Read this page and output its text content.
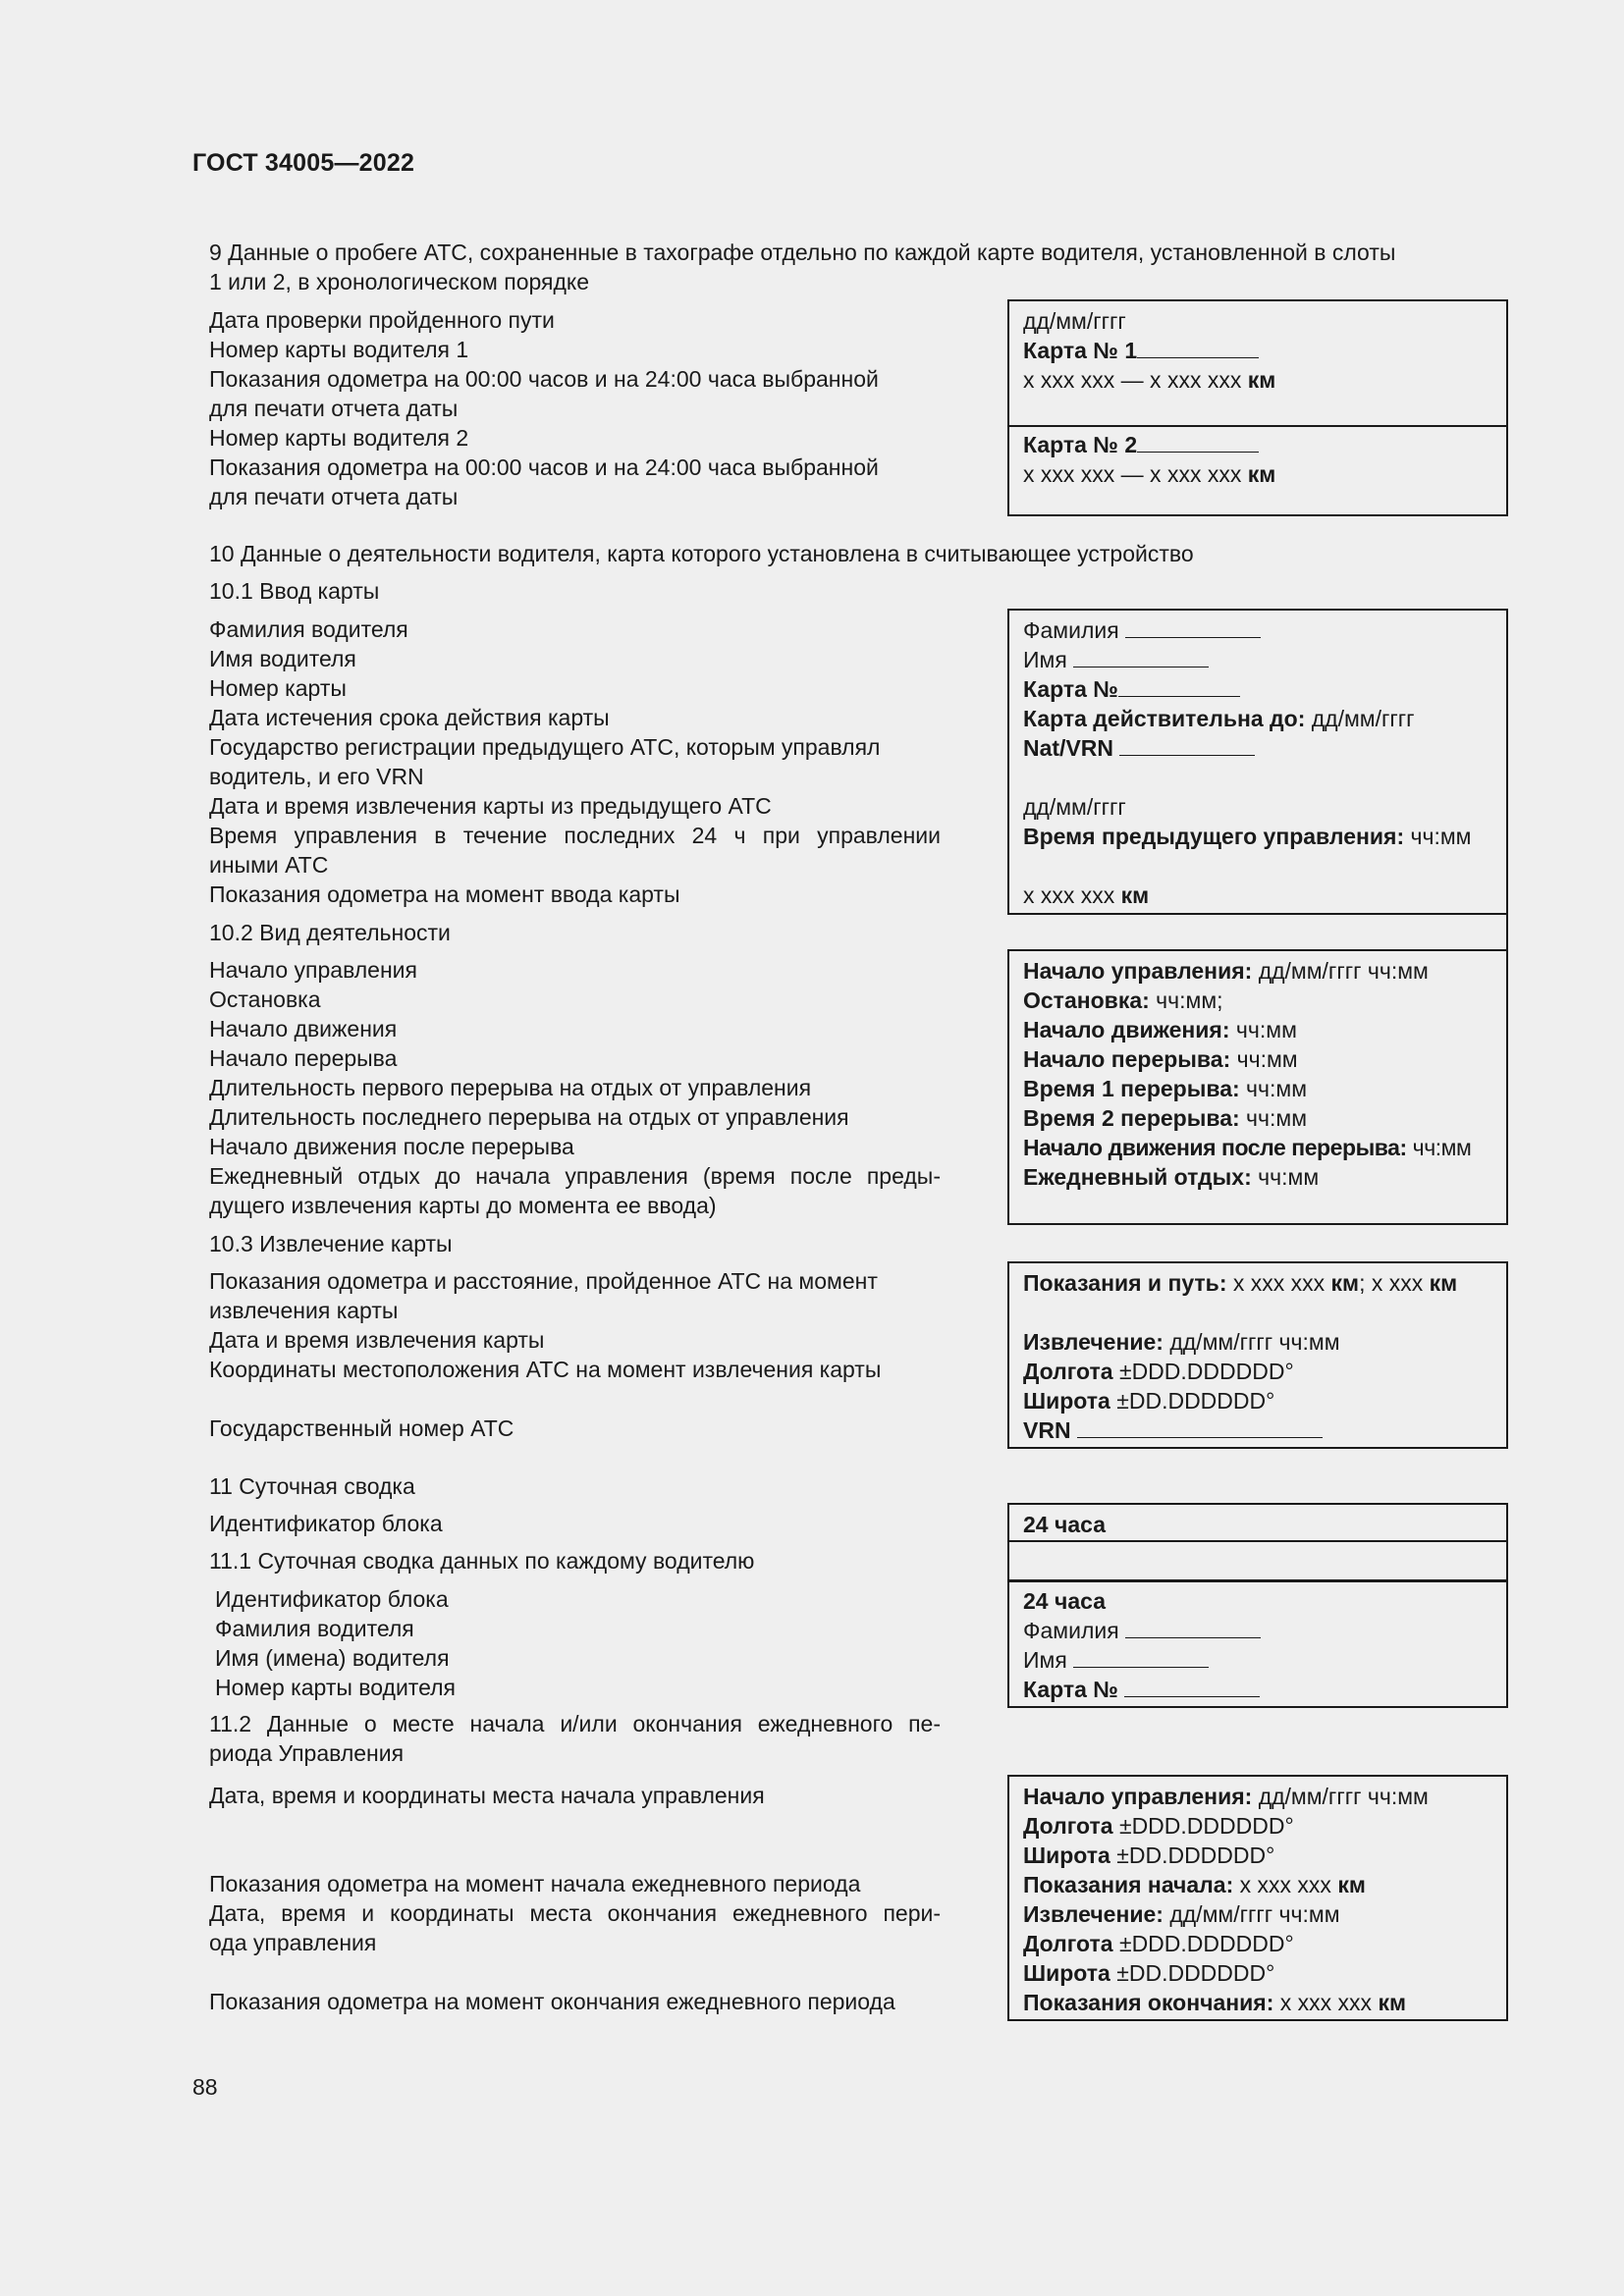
ГОСТ 34005—2022
9 Данные о пробеге АТС, сохраненные в тахографе отдельно по каждой карте водителя, установленной в слоты
1 или 2, в хронологическом порядке
Дата проверки пройденного пути
Номер карты водителя 1
Показания одометра на 00:00 часов и на 24:00 часа выбранной
для печати отчета даты
Номер карты водителя 2
Показания одометра на 00:00 часов и на 24:00 часа выбранной
для печати отчета даты
дд/мм/гггг
Карта № 1
х ххх ххх — х ххх ххх км
Карта № 2
х ххх ххх — х ххх ххх км
10 Данные о деятельности водителя, карта которого установлена в считывающее устройство
10.1 Ввод карты
Фамилия водителя
Имя водителя
Номер карты
Дата истечения срока действия карты
Государство регистрации предыдущего АТС, которым управлял
водитель, и его VRN
Дата и время извлечения карты из предыдущего АТС
Время управления в течение последних 24 ч при управлении
иными АТС
Показания одометра на момент ввода карты
Фамилия
Имя
Карта №
Карта действительна до: дд/мм/гггг
Nat/VRN
дд/мм/гггг
Время предыдущего управления: чч:мм
х ххх ххх км
10.2 Вид деятельности
Начало управления
Остановка
Начало движения
Начало перерыва
Длительность первого перерыва на отдых от управления
Длительность последнего перерыва на отдых от управления
Начало движения после перерыва
Ежедневный отдых до начала управления (время после преды-
дущего извлечения карты до момента ее ввода)
Начало управления: дд/мм/гггг чч:мм
Остановка: чч:мм;
Начало движения: чч:мм
Начало перерыва: чч:мм
Время 1 перерыва: чч:мм
Время 2 перерыва: чч:мм
Начало движения после перерыва: чч:мм
Ежедневный отдых: чч:мм
10.3 Извлечение карты
Показания одометра и расстояние, пройденное АТС на момент
извлечения карты
Дата и время извлечения карты
Координаты местоположения АТС на момент извлечения карты
Государственный номер АТС
Показания и путь: х ххх ххх км; х ххх км
Извлечение: дд/мм/гггг чч:мм
Долгота ±DDD.DDDDDD°
Широта ±DD.DDDDDD°
VRN
11 Суточная сводка
Идентификатор блока	24 часа
11.1 Суточная сводка данных по каждому водителю
Идентификатор блока
Фамилия водителя
Имя (имена) водителя
Номер карты водителя
24 часа
Фамилия
Имя
Карта №
11.2 Данные о месте начала и/или окончания ежедневного пе-
риода Управления
Дата, время и координаты места начала управления
Показания одометра на момент начала ежедневного периода
Дата, время и координаты места окончания ежедневного пери-
ода управления
Показания одометра на момент окончания ежедневного периода
Начало управления: дд/мм/гггг чч:мм
Долгота ±DDD.DDDDDD°
Широта ±DD.DDDDDD°
Показания начала: х ххх ххх км
Извлечение: дд/мм/гггг чч:мм
Долгота ±DDD.DDDDDD°
Широта ±DD.DDDDDD°
Показания окончания: х ххх ххх км
88
